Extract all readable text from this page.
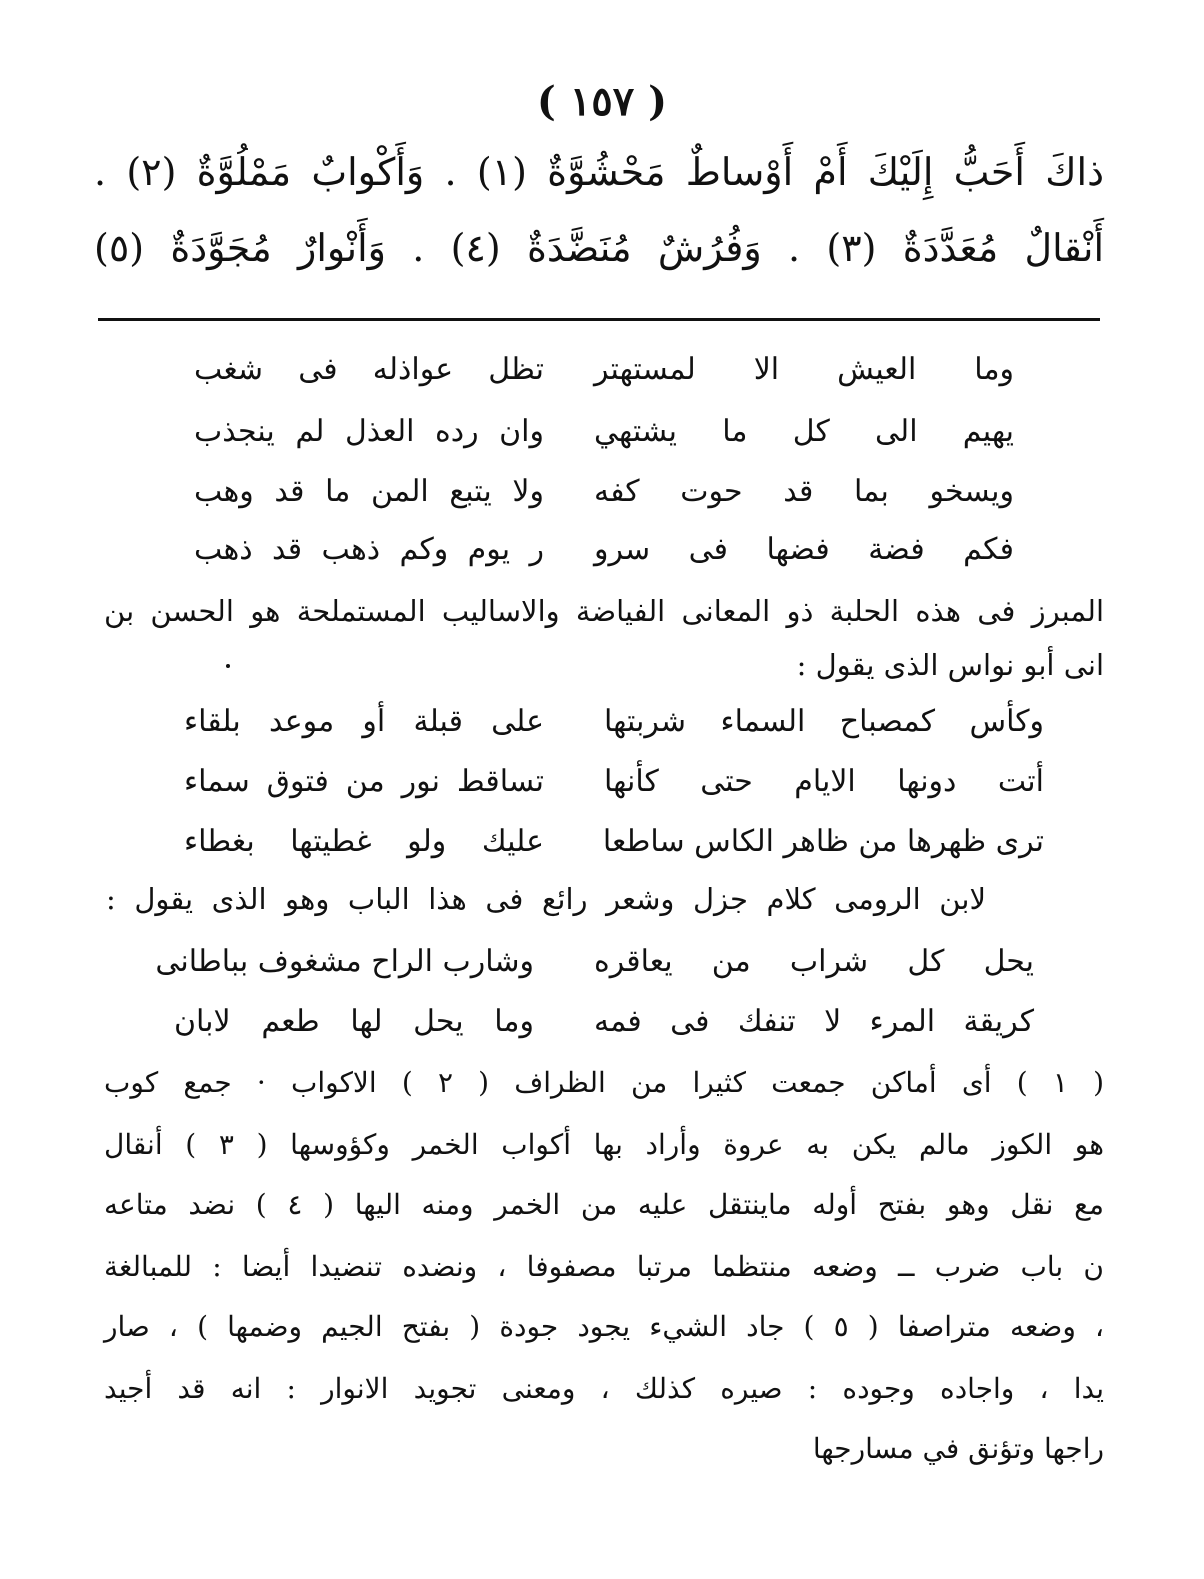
( ١٥٧ )
ذاكَ أَحَبُّ إِلَيْكَ أَمْ أَوْساطٌ مَحْشُوَّةٌ (١) . وَأَكْوابٌ مَمْلُوَّةٌ (٢) .
أَنْقالٌ مُعَدَّدَةٌ (٣) . وَفُرُشٌ مُنَضَّدَةٌ (٤) . وَأَنْوارٌ مُجَوَّدَةٌ (٥)
وما العيش الا لمستهتر
تظل عواذله فى شغب
يهيم الى كل ما يشتهي
وان رده العذل لم ينجذب
ويسخو بما قد حوت كفه
ولا يتبع المن ما قد وهب
فكم فضة فضها فى سرو
ر يوم وكم ذهب قد ذهب
المبرز فى هذه الحلبة ذو المعانى الفياضة والاساليب المستملحة هو الحسن بن
انى أبو نواس الذى يقول :
وكأس كمصباح السماء شربتها
على قبلة أو موعد بلقاء
أتت دونها الايام حتى كأنها
تساقط نور من فتوق سماء
ترى ظهرها من ظاهر الكاس ساطعا
عليك ولو غطيتها بغطاء
لابن الرومى كلام جزل وشعر رائع فى هذا الباب وهو الذى يقول :
يحل كل شراب من يعاقره
وشارب الراح مشغوف بباطانى
كريقة المرء لا تنفك فى فمه
وما يحل لها طعم لابان
( ١ ) أى أماكن جمعت كثيرا من الظراف ( ٢ ) الاكواب · جمع كوب
هو الكوز مالم يكن به عروة وأراد بها أكواب الخمر وكؤوسها ( ٣ ) أنقال
مع نقل وهو بفتح أوله ماينتقل عليه من الخمر ومنه اليها ( ٤ ) نضد متاعه
ن باب ضرب ــ وضعه منتظما مرتبا مصفوفا ، ونضده تنضيدا أيضا : للمبالغة
، وضعه متراصفا ( ٥ ) جاد الشيء يجود جودة ( بفتح الجيم وضمها ) ، صار
يدا ، واجاده وجوده : صيره كذلك ، ومعنى تجويد الانوار : انه قد أجيد
راجها وتؤنق في مسارجها
